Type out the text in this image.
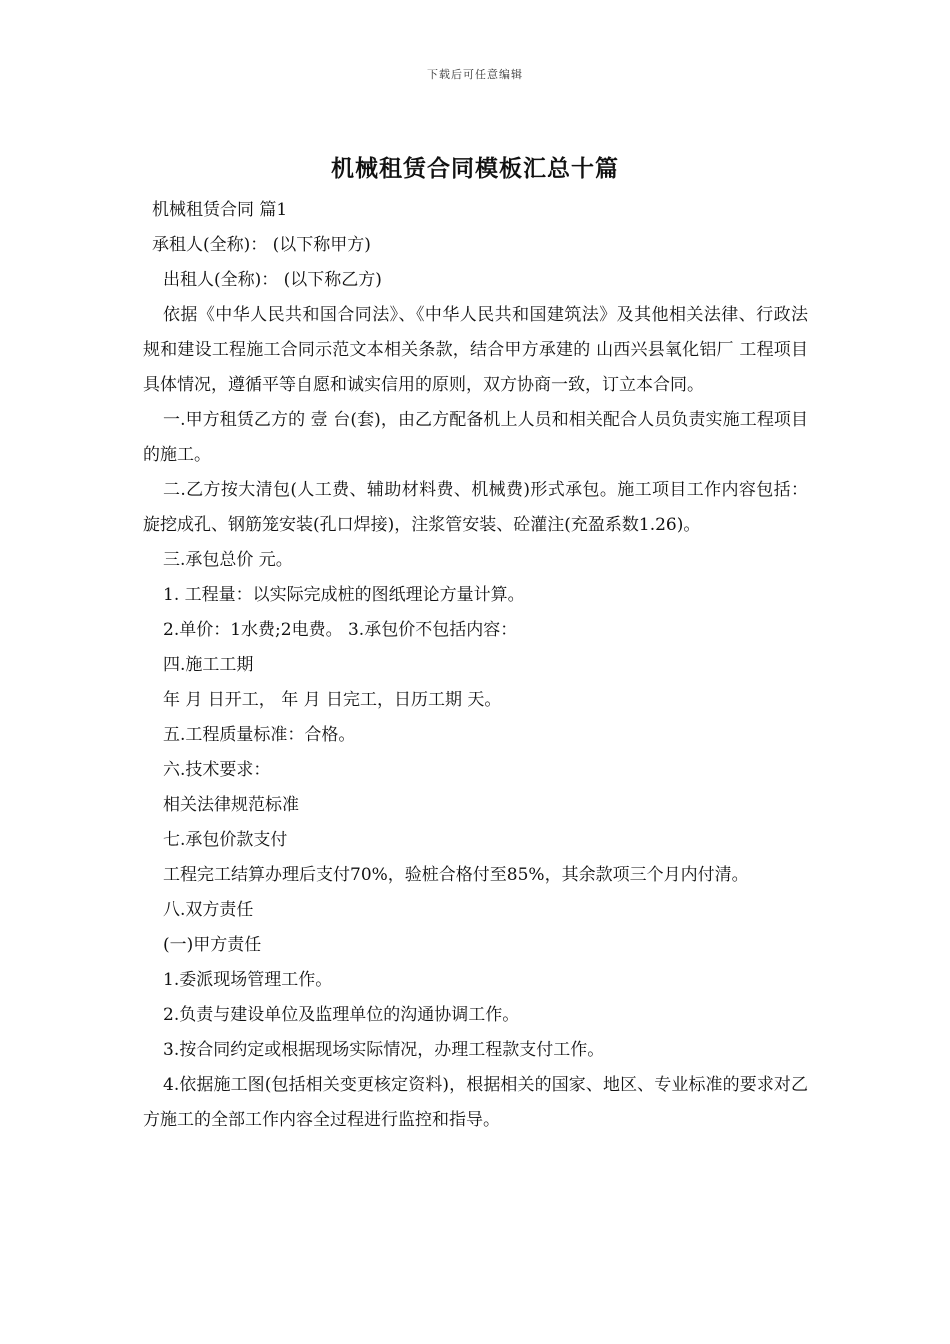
下载后可任意编辑
机械租赁合同模板汇总十篇

机械租赁合同 篇1

承租人(全称)： (以下称甲方)

出租人(全称)： (以下称乙方)

依据《中华人民共和国合同法》、《中华人民共和国建筑法》及其他相关法律、行政法规和建设工程施工合同示范文本相关条款，结合甲方承建的 山西兴县氧化铝厂 工程项目具体情况，遵循平等自愿和诚实信用的原则，双方协商一致，订立本合同。

一.甲方租赁乙方的 壹 台(套)，由乙方配备机上人员和相关配合人员负责实施工程项目的施工。

二.乙方按大清包(人工费、辅助材料费、机械费)形式承包。施工项目工作内容包括：旋挖成孔、钢筋笼安装(孔口焊接)，注浆管安装、砼灌注(充盈系数1.26)。

三.承包总价 元。

1. 工程量：以实际完成桩的图纸理论方量计算。

2.单价：1水费;2电费。 3.承包价不包括内容：

四.施工工期

年 月 日开工， 年 月 日完工，日历工期 天。

五.工程质量标准：合格。

六.技术要求：

相关法律规范标准

七.承包价款支付

工程完工结算办理后支付70%，验桩合格付至85%，其余款项三个月内付清。

八.双方责任

(一)甲方责任

1.委派现场管理工作。

2.负责与建设单位及监理单位的沟通协调工作。

3.按合同约定或根据现场实际情况，办理工程款支付工作。

4.依据施工图(包括相关变更核定资料)，根据相关的国家、地区、专业标准的要求对乙方施工的全部工作内容全过程进行监控和指导。
